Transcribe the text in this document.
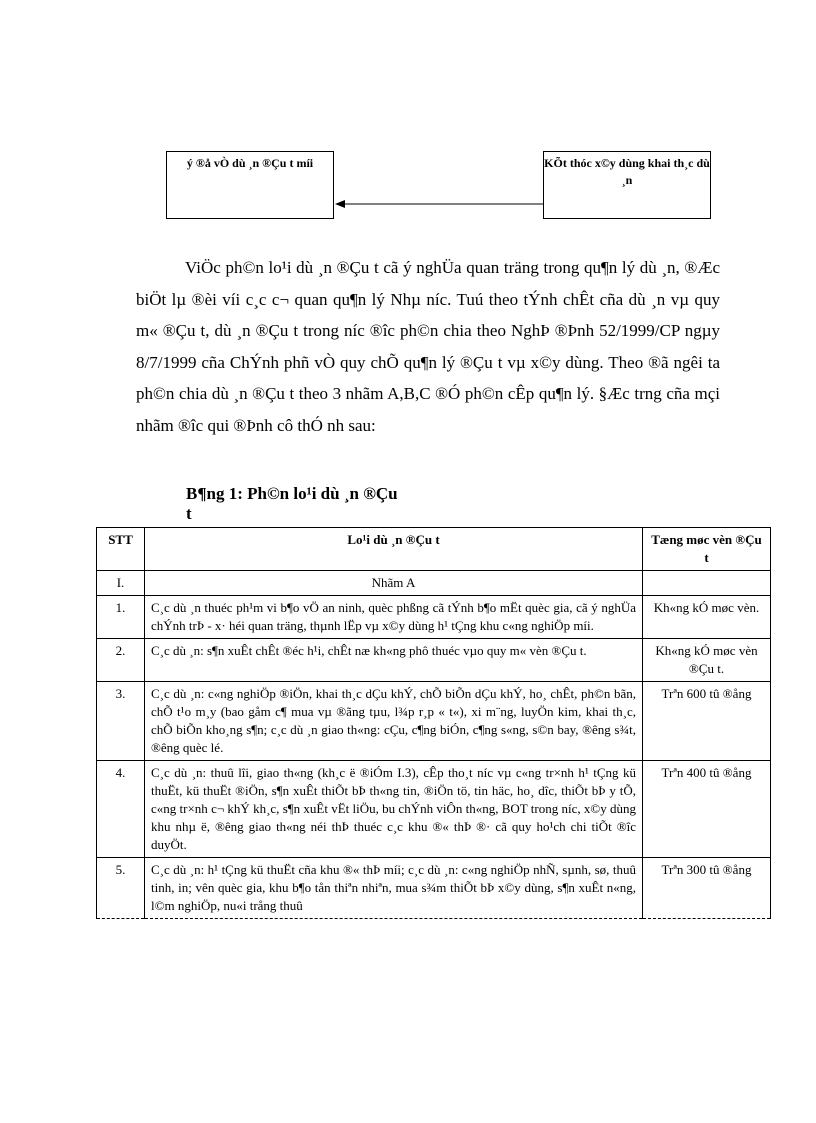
ý ®å vÒ dù ¸n ®Çu t míi	KÕt thóc x©y dùng khai th¸c dù ¸n

ViÖc ph©n lo¹i dù ¸n ®Çu t cã ý nghÜa quan träng trong qu¶n lý dù ¸n, ®Æc biÖt lµ ®èi víi c¸c c¬ quan qu¶n lý Nhµ níc. Tuú theo tÝnh chÊt cña dù ¸n vµ quy m« ®Çu t, dù ¸n ®Çu t trong níc ®îc ph©n chia theo NghÞ ®Þnh 52/1999/CP ngµy 8/7/1999 cña ChÝnh phñ vÒ quy chÕ qu¶n lý ®Çu t vµ x©y dùng. Theo ®ã ngêi ta ph©n chia dù ¸n ®Çu t theo 3 nhãm A,B,C ®Ó ph©n cÊp qu¶n lý. §Æc trng cña mçi nhãm ®îc qui ®Þnh cô thÓ nh sau:

B¶ng 1: Ph©n lo¹i dù ¸n ®Çu t

STT	Lo¹i dù ¸n ®Çu t	Tæng møc vèn ®Çu t
I.	Nhãm A	
1.	C¸c dù ¸n thuéc ph¹m vi b¶o vÖ an ninh, quèc phßng cã tÝnh b¶o mËt quèc gia, cã ý nghÜa chÝnh trÞ - x· héi quan träng, thµnh lËp vµ x©y dùng h¹ tÇng khu c«ng nghiÖp míi.	Kh«ng kÓ møc vèn.
2.	C¸c dù ¸n: s¶n xuÊt chÊt ®éc h¹i, chÊt næ kh«ng phô thuéc vµo quy m« vèn ®Çu t.	Kh«ng kÓ møc vèn ®Çu t.
3.	C¸c dù ¸n: c«ng nghiÖp ®iÖn, khai th¸c dÇu khÝ, chÕ biÕn dÇu khÝ, ho¸ chÊt, ph©n bãn, chÕ t¹o m¸y (bao gåm c¶ mua vµ ®ãng tµu, l¾p r¸p « t«), xi m¨ng, luyÖn kim, khai th¸c, chÕ biÕn kho¸ng s¶n; c¸c dù ¸n giao th«ng: cÇu, c¶ng biÓn, c¶ng s«ng, s©n bay, ®êng s¾t, ®êng quèc lé.	Trªn 600 tû ®ång
4.	C¸c dù ¸n: thuû lîi, giao th«ng (kh¸c ë ®iÓm I.3), cÊp tho¸t níc vµ c«ng tr×nh h¹ tÇng kü thuËt, kü thuËt ®iÖn, s¶n xuÊt thiÕt bÞ th«ng tin, ®iÖn tö, tin häc, ho¸ dîc, thiÕt bÞ y tÕ, c«ng tr×nh c¬ khÝ kh¸c, s¶n xuÊt vËt liÖu, bu chÝnh viÔn th«ng, BOT trong níc, x©y dùng khu nhµ ë, ®êng giao th«ng néi thÞ thuéc c¸c khu ®« thÞ ®· cã quy ho¹ch chi tiÕt ®îc duyÖt.	Trªn 400 tû ®ång
5.	C¸c dù ¸n: h¹ tÇng kü thuËt cña khu ®« thÞ míi; c¸c dù ¸n: c«ng nghiÖp nhÑ, sµnh, sø, thuû tinh, in; vên quèc gia, khu b¶o tån thiªn nhiªn, mua s¾m thiÕt bÞ x©y dùng, s¶n xuÊt n«ng, l©m nghiÖp, nu«i trång thuû	Trªn 300 tû ®ång
